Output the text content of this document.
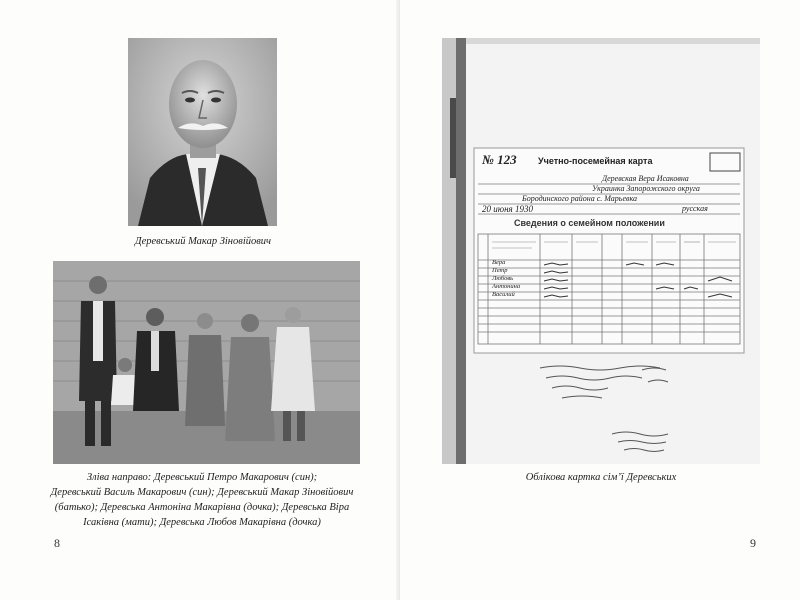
Деревський Макар Зіновійович
Зліва направо: Деревський Петро Макарович (син);
Деревський Василь Макарович (син); Деревський Макар Зіновійович
(батько); Деревська Антоніна Макарівна (дочка); Деревська Віра
Ісаківна (мати); Деревська Любов Макарівна (дочка)
8
№ 123 Учетно-посемейная карта
Деревская Вера Исаковна
Украинка Запорожского округа
Бородинского района с. Марьевка
20 июня 1930	русская
Сведения о семейном положении
Вера
Петр
Любовь
Антонина
Василий
Облікова картка сім’ї Деревських
9
